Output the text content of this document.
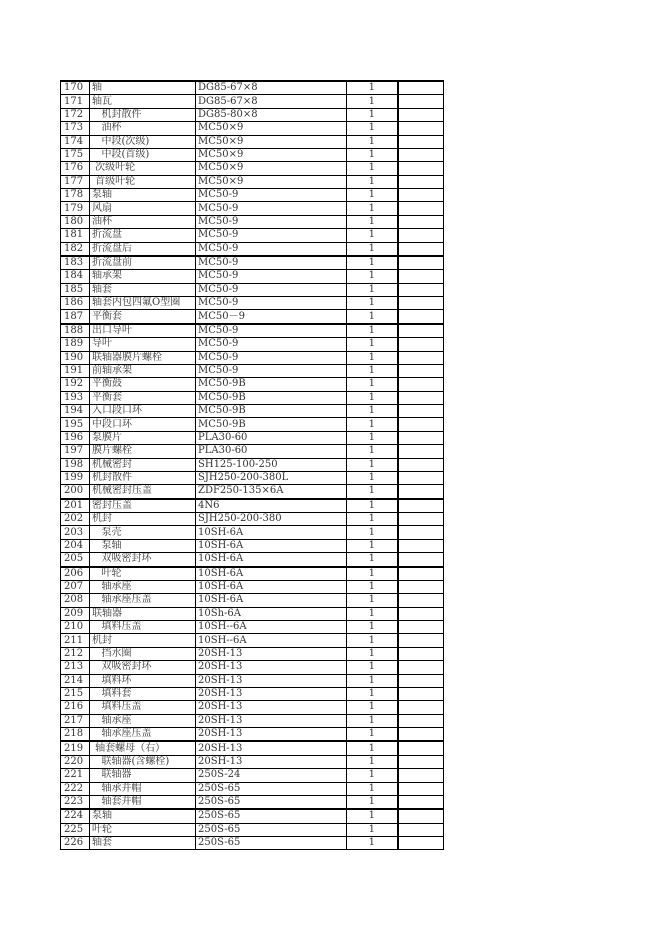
170	轴	DG85-67×8	1	
171	轴瓦	DG85-67×8	1	
172	机封散件	DG85-80×8	1	
173	油杯	MC50×9	1	
174	中段(次级)	MC50×9	1	
175	中段(首级)	MC50×9	1	
176	次级叶轮	MC50×9	1	
177	首级叶轮	MC50×9	1	
178	泵轴	MC50-9	1	
179	风扇	MC50-9	1	
180	油杯	MC50-9	1	
181	折流盘	MC50-9	1	
182	折流盘后	MC50-9	1	
183	折流盘前	MC50-9	1	
184	轴承架	MC50-9	1	
185	轴套	MC50-9	1	
186	轴套内包四氟O型圈	MC50-9	1	
187	平衡套	MC50－9	1	
188	出口导叶	MC50-9	1	
189	导叶	MC50-9	1	
190	联轴器膜片螺栓	MC50-9	1	
191	前轴承架	MC50-9	1	
192	平衡鼓	MC50-9B	1	
193	平衡套	MC50-9B	1	
194	入口段口环	MC50-9B	1	
195	中段口环	MC50-9B	1	
196	泵膜片	PLA30-60	1	
197	膜片螺栓	PLA30-60	1	
198	机械密封	SH125-100-250	1	
199	机封散件	SJH250-200-380L	1	
200	机械密封压盖	ZDF250-135×6A	1	
201	密封压盖	4N6	1	
202	机封	SJH250-200-380	1	
203	泵壳	10SH-6A	1	
204	泵轴	10SH-6A	1	
205	双吸密封环	10SH-6A	1	
206	叶轮	10SH-6A	1	
207	轴承座	10SH-6A	1	
208	轴承座压盖	10SH-6A	1	
209	联轴器	10Sh-6A	1	
210	填料压盖	10SH--6A	1	
211	机封	10SH--6A	1	
212	挡水圈	20SH-13	1	
213	双吸密封环	20SH-13	1	
214	填料环	20SH-13	1	
215	填料套	20SH-13	1	
216	填料压盖	20SH-13	1	
217	轴承座	20SH-13	1	
218	轴承座压盖	20SH-13	1	
219	轴套螺母（右）	20SH-13	1	
220	联轴器(含螺栓)	20SH-13	1	
221	联轴器	250S-24	1	
222	轴承并帽	250S-65	1	
223	轴套并帽	250S-65	1	
224	泵轴	250S-65	1	
225	叶轮	250S-65	1	
226	轴套	250S-65	1	
